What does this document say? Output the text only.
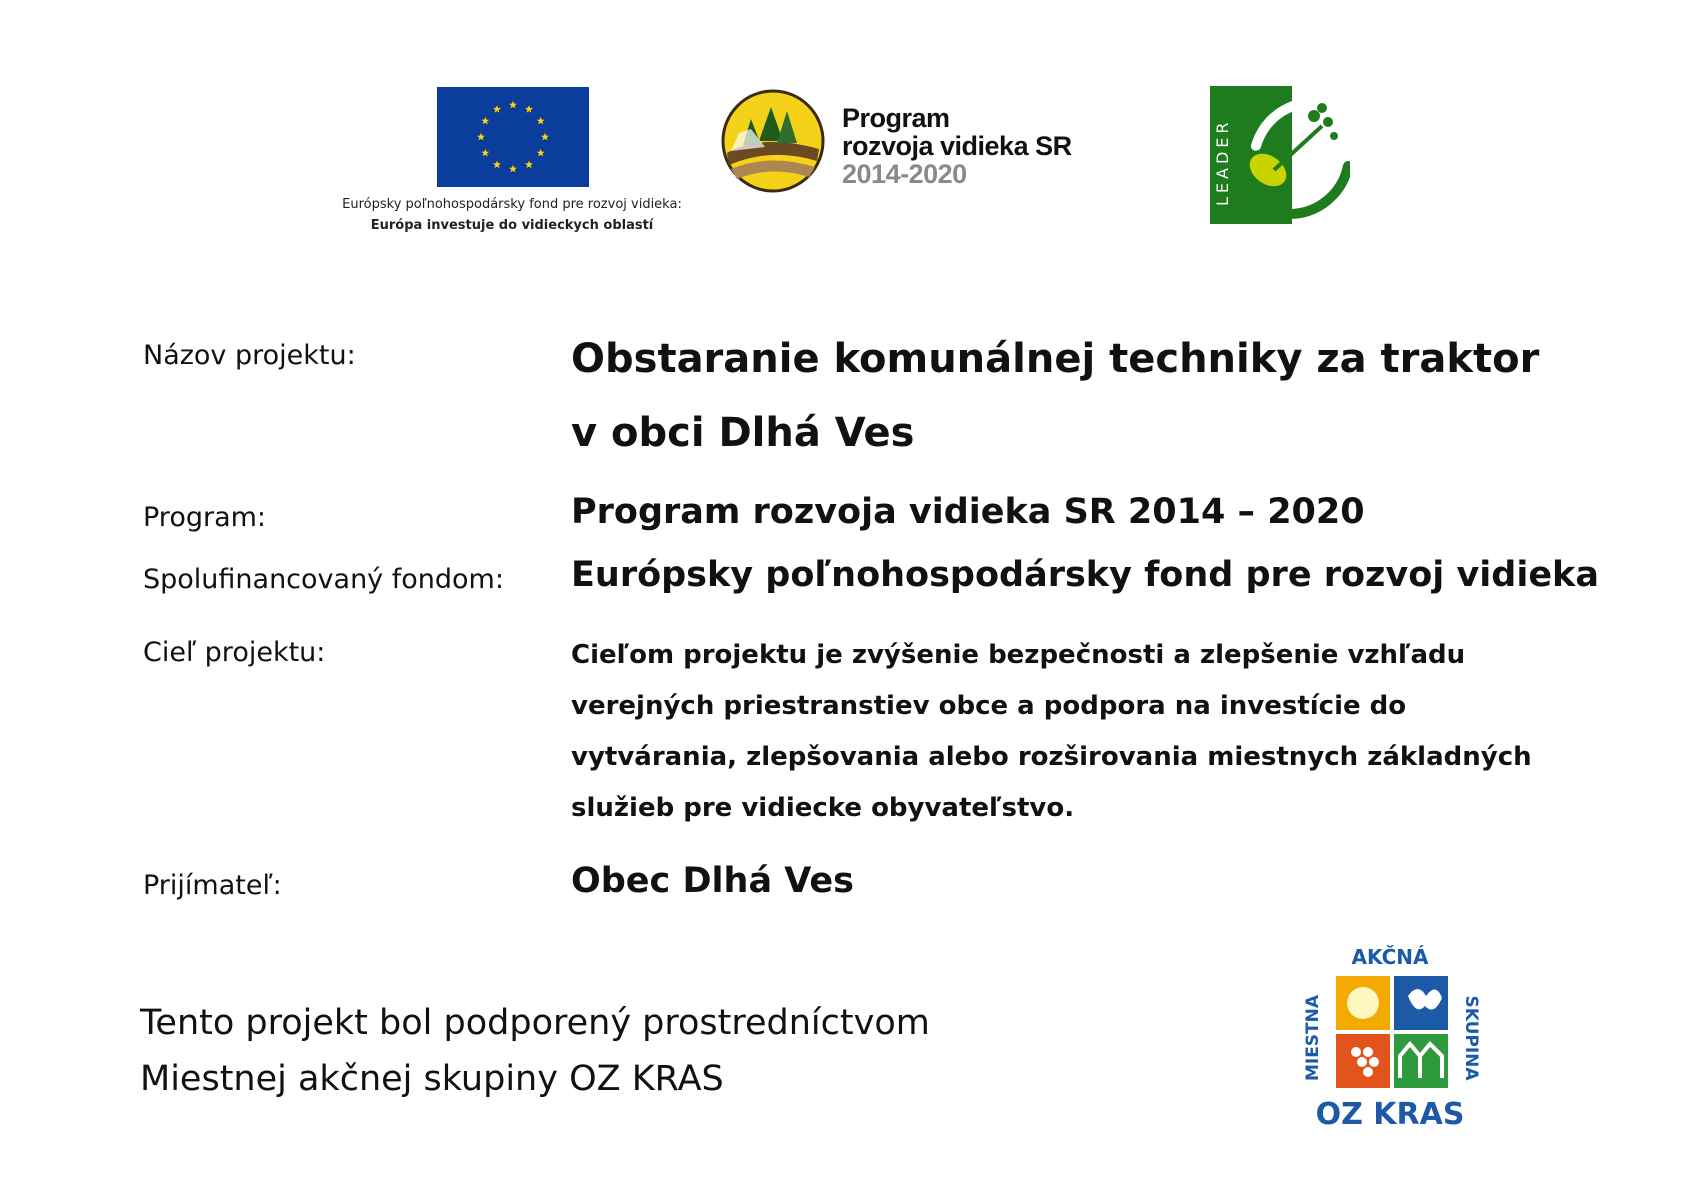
Európsky poľnohospodársky fond pre rozvoj vidieka:
Európa investuje do vidieckych oblastí
Program
rozvoja vidieka SR
2014-2020	LEADER
Názov projektu:	Obstaranie komunálnej techniky za traktor v obci Dlhá Ves
Program:	Program rozvoja vidieka SR 2014 – 2020
Spolufinancovaný fondom: Európsky poľnohospodársky fond pre rozvoj vidieka
Cieľ projektu:	Cieľom projektu je zvýšenie bezpečnosti a zlepšenie vzhľadu verejných priestranstiev obce a podpora na investície do vytvárania, zlepšovania alebo rozširovania miestnych základných služieb pre vidiecke obyvateľstvo.
Prijímateľ:	Obec Dlhá Ves
Tento projekt bol podporený prostredníctvom
Miestnej akčnej skupiny OZ KRAS
AKČNÁ
MIESTNA	SKUPINA
OZ KRAS
